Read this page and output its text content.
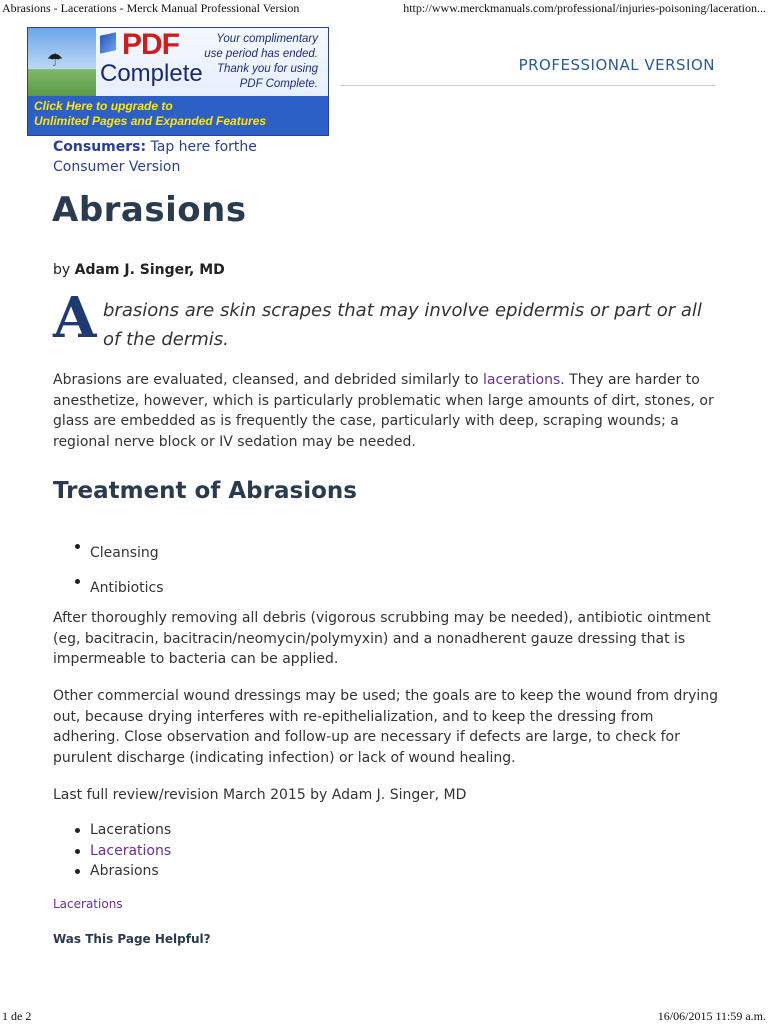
Abrasions - Lacerations - Merck Manual Professional Version	http://www.merckmanuals.com/professional/injuries-poisoning/laceration...
☂ PDF
Complete
Your complimentary
use period has ended.
Thank you for using
PDF Complete.
Click Here to upgrade to
Unlimited Pages and Expanded Features
PROFESSIONAL VERSION
Consumers: Tap here forthe
Consumer Version
Abrasions
by Adam J. Singer, MD
A brasions are skin scrapes that may involve epidermis or part or all of the dermis.
Abrasions are evaluated, cleansed, and debrided similarly to lacerations. They are harder to anesthetize, however, which is particularly problematic when large amounts of dirt, stones, or glass are embedded as is frequently the case, particularly with deep, scraping wounds; a regional nerve block or IV sedation may be needed.
Treatment of Abrasions
Cleansing
Antibiotics
After thoroughly removing all debris (vigorous scrubbing may be needed), antibiotic ointment (eg, bacitracin, bacitracin/neomycin/polymyxin) and a nonadherent gauze dressing that is impermeable to bacteria can be applied.
Other commercial wound dressings may be used; the goals are to keep the wound from drying out, because drying interferes with re-epithelialization, and to keep the dressing from adhering. Close observation and follow-up are necessary if defects are large, to check for purulent discharge (indicating infection) or lack of wound healing.
Last full review/revision March 2015 by Adam J. Singer, MD
Lacerations
Lacerations
Abrasions
Lacerations
Was This Page Helpful?
1 de 2	16/06/2015 11:59 a.m.
